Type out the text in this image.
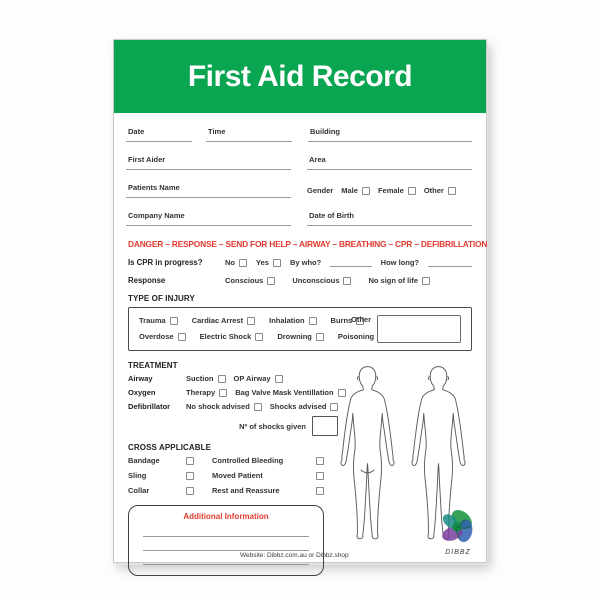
First Aid Record
Date	Time	Building
First Aider	Area
Patients Name	Gender Male	Female	Other
Company Name	Date of Birth
DANGER – RESPONSE – SEND FOR HELP – AIRWAY – BREATHING – CPR – DEFIBRILLATION
Is CPR in progress?	No	Yes	By who?	How long?
Response	Conscious	Unconscious	No sign of life
TYPE OF INJURY
Trauma	Cardiac Arrest	Inhalation	Burns
Overdose	Electric Shock	Drowning	Poisoning
Other
TREATMENT
Airway	Suction	OP Airway
Oxygen	Therapy	Bag Valve Mask Ventillation
Defibrillator	No shock advised	Shocks advised
Nº of shocks given
CROSS APPLICABLE
Bandage	Controlled Bleeding
Sling	Moved Patient
Collar	Rest and Reassure
Additional Information
Website: Dibbz.com.au or Dibbz.shop	DIBBZ
